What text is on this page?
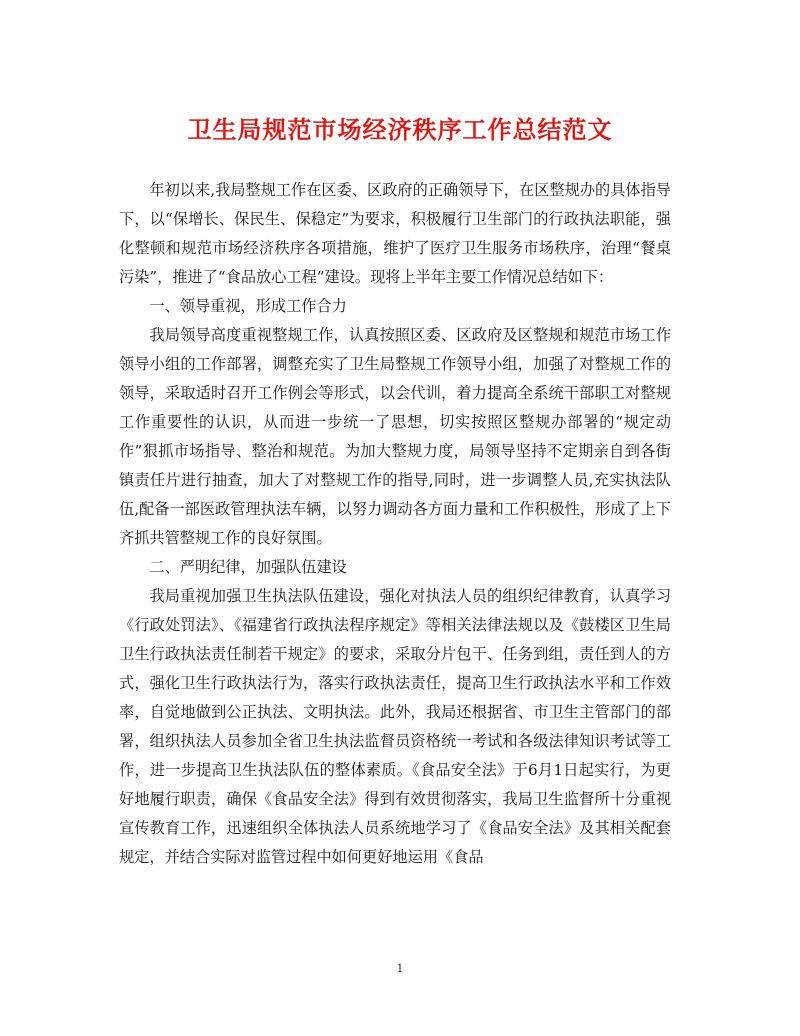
卫生局规范市场经济秩序工作总结范文

年初以来,我局整规工作在区委、区政府的正确领导下，在区整规办的具体指导下，以“保增长、保民生、保稳定”为要求，积极履行卫生部门的行政执法职能，强化整顿和规范市场经济秩序各项措施，维护了医疗卫生服务市场秩序，治理“餐桌污染”，推进了“食品放心工程”建设。现将上半年主要工作情况总结如下：

一、领导重视，形成工作合力

我局领导高度重视整规工作，认真按照区委、区政府及区整规和规范市场工作领导小组的工作部署，调整充实了卫生局整规工作领导小组，加强了对整规工作的领导，采取适时召开工作例会等形式，以会代训，着力提高全系统干部职工对整规工作重要性的认识，从而进一步统一了思想，切实按照区整规办部署的“规定动作”狠抓市场指导、整治和规范。为加大整规力度，局领导坚持不定期亲自到各街镇责任片进行抽查，加大了对整规工作的指导,同时，进一步调整人员,充实执法队伍,配备一部医政管理执法车辆，以努力调动各方面力量和工作积极性，形成了上下齐抓共管整规工作的良好氛围。

二、严明纪律，加强队伍建设

我局重视加强卫生执法队伍建设，强化对执法人员的组织纪律教育，认真学习《行政处罚法》、《福建省行政执法程序规定》等相关法律法规以及《鼓楼区卫生局卫生行政执法责任制若干规定》的要求，采取分片包干、任务到组，责任到人的方式，强化卫生行政执法行为，落实行政执法责任，提高卫生行政执法水平和工作效率，自觉地做到公正执法、文明执法。此外，我局还根据省、市卫生主管部门的部署，组织执法人员参加全省卫生执法监督员资格统一考试和各级法律知识考试等工作，进一步提高卫生执法队伍的整体素质。《食品安全法》于6月1日起实行，为更好地履行职责，确保《食品安全法》得到有效贯彻落实，我局卫生监督所十分重视宣传教育工作，迅速组织全体执法人员系统地学习了《食品安全法》及其相关配套规定，并结合实际对监管过程中如何更好地运用《食品

1
